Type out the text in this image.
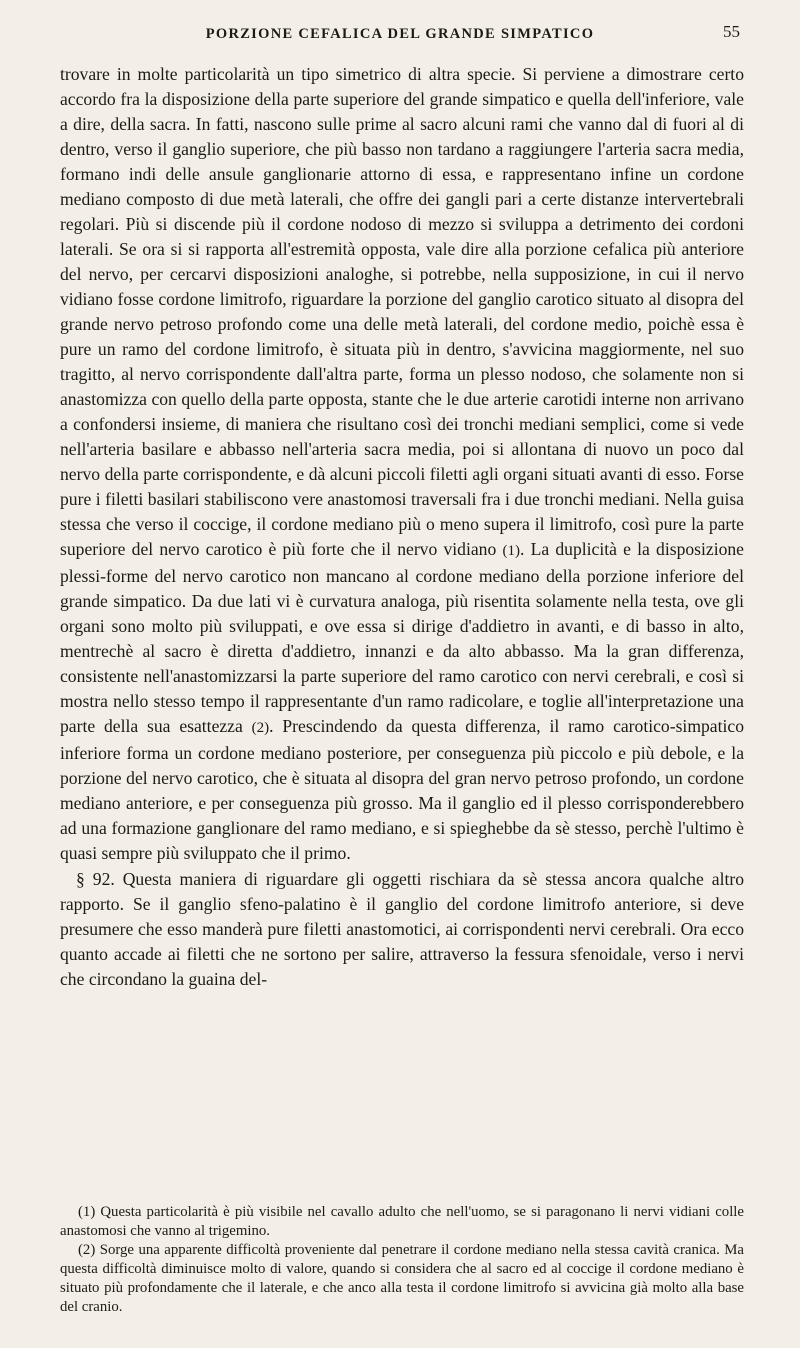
PORZIONE CEFALICA DEL GRANDE SIMPATICO	55

trovare in molte particolarità un tipo simetrico di altra specie. Si perviene a dimostrare certo accordo fra la disposizione della parte superiore del grande simpatico e quella dell'inferiore, vale a dire, della sacra. In fatti, nascono sulle prime al sacro alcuni rami che vanno dal di fuori al di dentro, verso il ganglio superiore, che più basso non tardano a raggiungere l'arteria sacra media, formano indi delle ansule ganglionarie attorno di essa, e rappresentano infine un cordone mediano composto di due metà laterali, che offre dei gangli pari a certe distanze intervertebrali regolari. Più si discende più il cordone nodoso di mezzo si sviluppa a detrimento dei cordoni laterali. Se ora si si rapporta all'estremità opposta, vale dire alla porzione cefalica più anteriore del nervo, per cercarvi disposizioni analoghe, si potrebbe, nella supposizione, in cui il nervo vidiano fosse cordone limitrofo, riguardare la porzione del ganglio carotico situato al disopra del grande nervo petroso profondo come una delle metà laterali, del cordone medio, poichè essa è pure un ramo del cordone limitrofo, è situata più in dentro, s'avvicina maggiormente, nel suo tragitto, al nervo corrispondente dall'altra parte, forma un plesso nodoso, che solamente non si anastomizza con quello della parte opposta, stante che le due arterie carotidi interne non arrivano a confondersi insieme, di maniera che risultano così dei tronchi mediani semplici, come si vede nell'arteria basilare e abbasso nell'arteria sacra media, poi si allontana di nuovo un poco dal nervo della parte corrispondente, e dà alcuni piccoli filetti agli organi situati avanti di esso. Forse pure i filetti basilari stabiliscono vere anastomosi traversali fra i due tronchi mediani. Nella guisa stessa che verso il coccige, il cordone mediano più o meno supera il limitrofo, così pure la parte superiore del nervo carotico è più forte che il nervo vidiano (1). La duplicità e la disposizione plessi-forme del nervo carotico non mancano al cordone mediano della porzione inferiore del grande simpatico. Da due lati vi è curvatura analoga, più risentita solamente nella testa, ove gli organi sono molto più sviluppati, e ove essa si dirige d'addietro in avanti, e di basso in alto, mentrechè al sacro è diretta d'addietro, innanzi e da alto abbasso. Ma la gran differenza, consistente nell'anastomizzarsi la parte superiore del ramo carotico con nervi cerebrali, e così si mostra nello stesso tempo il rappresentante d'un ramo radicolare, e toglie all'interpretazione una parte della sua esattezza (2). Prescindendo da questa differenza, il ramo carotico-simpatico inferiore forma un cordone mediano posteriore, per conseguenza più piccolo e più debole, e la porzione del nervo carotico, che è situata al disopra del gran nervo petroso profondo, un cordone mediano anteriore, e per conseguenza più grosso. Ma il ganglio ed il plesso corrisponderebbero ad una formazione ganglionare del ramo mediano, e si spieghebbe da sè stesso, perchè l'ultimo è quasi sempre più sviluppato che il primo.

§ 92. Questa maniera di riguardare gli oggetti rischiara da sè stessa ancora qualche altro rapporto. Se il ganglio sfeno-palatino è il ganglio del cordone limitrofo anteriore, si deve presumere che esso manderà pure filetti anastomotici, ai corrispondenti nervi cerebrali. Ora ecco quanto accade ai filetti che ne sortono per salire, attraverso la fessura sfenoidale, verso i nervi che circondano la guaina del-

(1) Questa particolarità è più visibile nel cavallo adulto che nell'uomo, se si paragonano li nervi vidiani colle anastomosi che vanno al trigemino.

(2) Sorge una apparente difficoltà proveniente dal penetrare il cordone mediano nella stessa cavità cranica. Ma questa difficoltà diminuisce molto di valore, quando si considera che al sacro ed al coccige il cordone mediano è situato più profondamente che il laterale, e che anco alla testa il cordone limitrofo si avvicina già molto alla base del cranio.
